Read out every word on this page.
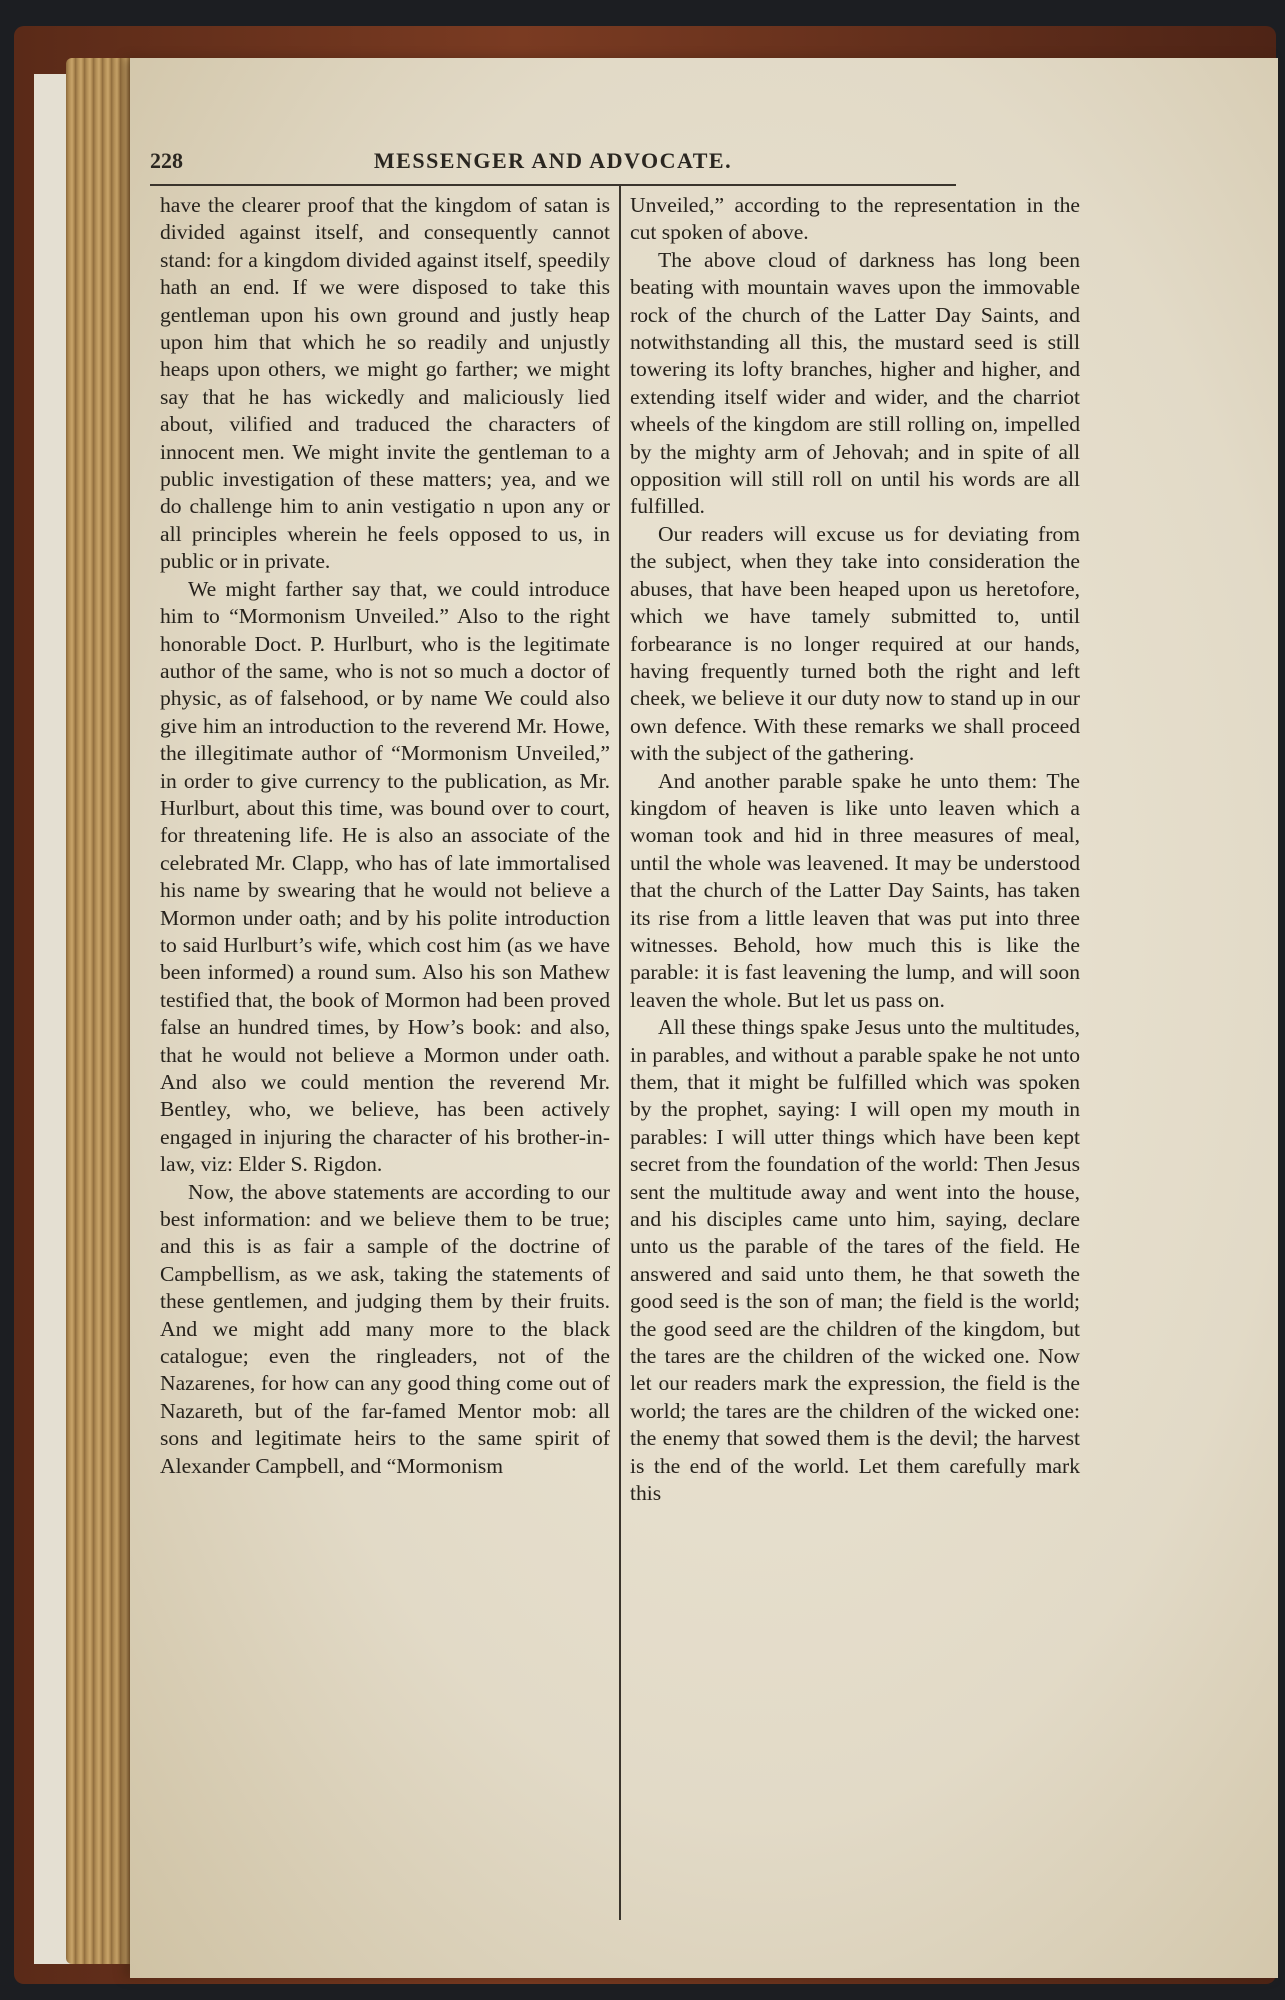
228	MESSENGER AND ADVOCATE.

have the clearer proof that the kingdom of satan is divided against itself, and consequently cannot stand: for a kingdom divided against itself, speedily hath an end. If we were disposed to take this gentleman upon his own ground and justly heap upon him that which he so readily and unjustly heaps upon others, we might go farther; we might say that he has wickedly and maliciously lied about, vilified and traduced the characters of innocent men. We might invite the gentleman to a public investigation of these matters; yea, and we do challenge him to anin vestigatio n upon any or all principles wherein he feels opposed to us, in public or in private.

We might farther say that, we could introduce him to “Mormonism Unveiled.” Also to the right honorable Doct. P. Hurlburt, who is the legitimate author of the same, who is not so much a doctor of physic, as of falsehood, or by name We could also give him an introduction to the reverend Mr. Howe, the illegitimate author of “Mormonism Unveiled,” in order to give currency to the publication, as Mr. Hurlburt, about this time, was bound over to court, for threatening life. He is also an associate of the celebrated Mr. Clapp, who has of late immortalised his name by swearing that he would not believe a Mormon under oath; and by his polite introduction to said Hurlburt’s wife, which cost him (as we have been informed) a round sum. Also his son Mathew testified that, the book of Mormon had been proved false an hundred times, by How’s book: and also, that he would not believe a Mormon under oath. And also we could mention the reverend Mr. Bentley, who, we believe, has been actively engaged in injuring the character of his brother-in-law, viz: Elder S. Rigdon.

Now, the above statements are according to our best information: and we believe them to be true; and this is as fair a sample of the doctrine of Campbellism, as we ask, taking the statements of these gentlemen, and judging them by their fruits. And we might add many more to the black catalogue; even the ringleaders, not of the Nazarenes, for how can any good thing come out of Nazareth, but of the far-famed Mentor mob: all sons and legitimate heirs to the same spirit of Alexander Campbell, and “Mormonism

Unveiled,” according to the representation in the cut spoken of above.

The above cloud of darkness has long been beating with mountain waves upon the immovable rock of the church of the Latter Day Saints, and notwithstanding all this, the mustard seed is still towering its lofty branches, higher and higher, and extending itself wider and wider, and the charriot wheels of the kingdom are still rolling on, impelled by the mighty arm of Jehovah; and in spite of all opposition will still roll on until his words are all fulfilled.

Our readers will excuse us for deviating from the subject, when they take into consideration the abuses, that have been heaped upon us heretofore, which we have tamely submitted to, until forbearance is no longer required at our hands, having frequently turned both the right and left cheek, we believe it our duty now to stand up in our own defence. With these remarks we shall proceed with the subject of the gathering.

And another parable spake he unto them: The kingdom of heaven is like unto leaven which a woman took and hid in three measures of meal, until the whole was leavened. It may be understood that the church of the Latter Day Saints, has taken its rise from a little leaven that was put into three witnesses. Behold, how much this is like the parable: it is fast leavening the lump, and will soon leaven the whole. But let us pass on.

All these things spake Jesus unto the multitudes, in parables, and without a parable spake he not unto them, that it might be fulfilled which was spoken by the prophet, saying: I will open my mouth in parables: I will utter things which have been kept secret from the foundation of the world: Then Jesus sent the multitude away and went into the house, and his disciples came unto him, saying, declare unto us the parable of the tares of the field. He answered and said unto them, he that soweth the good seed is the son of man; the field is the world; the good seed are the children of the kingdom, but the tares are the children of the wicked one. Now let our readers mark the expression, the field is the world; the tares are the children of the wicked one: the enemy that sowed them is the devil; the harvest is the end of the world. Let them carefully mark this
